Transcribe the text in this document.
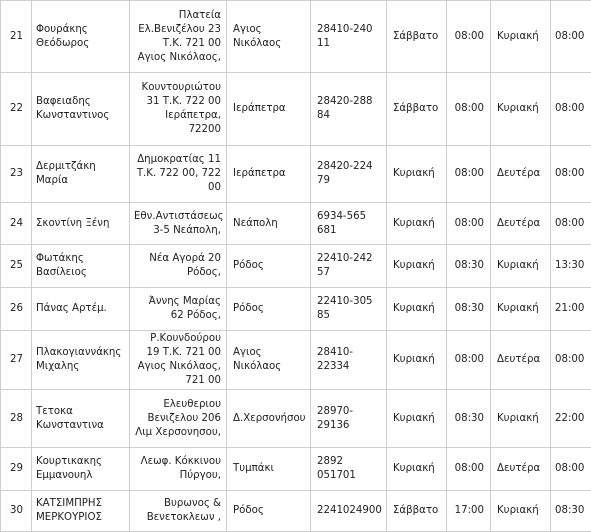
21	Φουράκης Θεόδωρος	Πλατεία Ελ.Βενιζέλου 23 Τ.Κ. 721 00 Αγιος Νικόλαος,	Αγιος Νικόλαος	28410-240 11	Σάββατο	08:00	Κυριακή	08:00
22	Βαφειαδης Κωνσταντινος	Κουντουριώτου 31 Τ.Κ. 722 00 Ιεράπετρα, 72200	Ιεράπετρα	28420-288 84	Σάββατο	08:00	Κυριακή	08:00
23	Δερμιτζάκη Μαρία	Δημοκρατίας 11 Τ.Κ. 722 00, 722 00	Ιεράπετρα	28420-224 79	Κυριακή	08:00	Δευτέρα	08:00
24	Σκοντίνη Ξένη	Εθν.Αντιστάσεως 3-5 Νεάπολη,	Νεάπολη	6934-565 681	Κυριακή	08:00	Δευτέρα	08:00
25	Φωτάκης Βασίλειος	Νέα Αγορά 20 Ρόδος,	Ρόδος	22410-242 57	Κυριακή	08:30	Κυριακή	13:30
26	Πάνας Αρτέμ.	Άννης Μαρίας 62 Ρόδος,	Ρόδος	22410-305 85	Κυριακή	08:30	Κυριακή	21:00
27	Πλακογιαννάκης Μιχαλης	Ρ.Κουνδούρου 19 Τ.Κ. 721 00 Αγιος Νικόλαος, 721 00	Αγιος Νικόλαος	28410-22334	Κυριακή	08:00	Δευτέρα	08:00
28	Τετοκα Κωνσταντινα	Ελευθεριου Βενιζελου 206 Λιμ Χερσονησου,	Δ.Χερσονήσου	28970-29136	Κυριακή	08:30	Κυριακή	22:00
29	Κουρτικακης Εμμανουηλ	Λεωφ. Κόκκινου Πύργου,	Τυμπάκι	2892 051701	Κυριακή	08:00	Δευτέρα	08:00
30	ΚΑΤΣΙΜΠΡΗΣ ΜΕΡΚΟΥΡΙΟΣ	Βυρωνος & Βενετοκλεων ,	Ρόδος	2241024900	Σάββατο	17:00	Κυριακή	08:30
